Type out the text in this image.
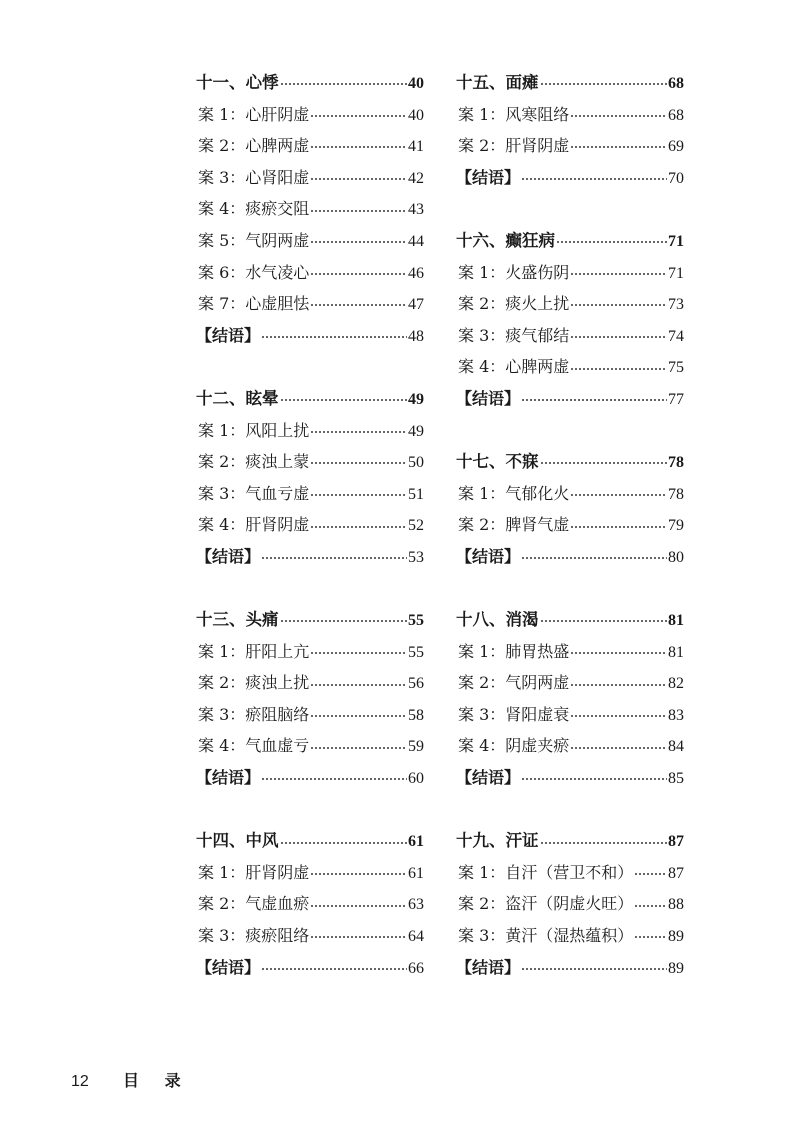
十一、心悸	40
案 1：心肝阴虚	40
案 2：心脾两虚	41
案 3：心肾阳虚	42
案 4：痰瘀交阻	43
案 5：气阴两虚	44
案 6：水气凌心	46
案 7：心虚胆怯	47
【结语】	48
十二、眩晕	49
案 1：风阳上扰	49
案 2：痰浊上蒙	50
案 3：气血亏虚	51
案 4：肝肾阴虚	52
【结语】	53
十三、头痛	55
案 1：肝阳上亢	55
案 2：痰浊上扰	56
案 3：瘀阻脑络	58
案 4：气血虚亏	59
【结语】	60
十四、中风	61
案 1：肝肾阴虚	61
案 2：气虚血瘀	63
案 3：痰瘀阻络	64
【结语】	66
十五、面瘫	68
案 1：风寒阻络	68
案 2：肝肾阴虚	69
【结语】	70
十六、癫狂病	71
案 1：火盛伤阴	71
案 2：痰火上扰	73
案 3：痰气郁结	74
案 4：心脾两虚	75
【结语】	77
十七、不寐	78
案 1：气郁化火	78
案 2：脾肾气虚	79
【结语】	80
十八、消渴	81
案 1：肺胃热盛	81
案 2：气阴两虚	82
案 3：肾阳虚衰	83
案 4：阴虚夹瘀	84
【结语】	85
十九、汗证	87
案 1：自汗（营卫不和） 87
案 2：盗汗（阴虚火旺） 88
案 3：黄汗（湿热蕴积） 89
【结语】	89
12	目 录
